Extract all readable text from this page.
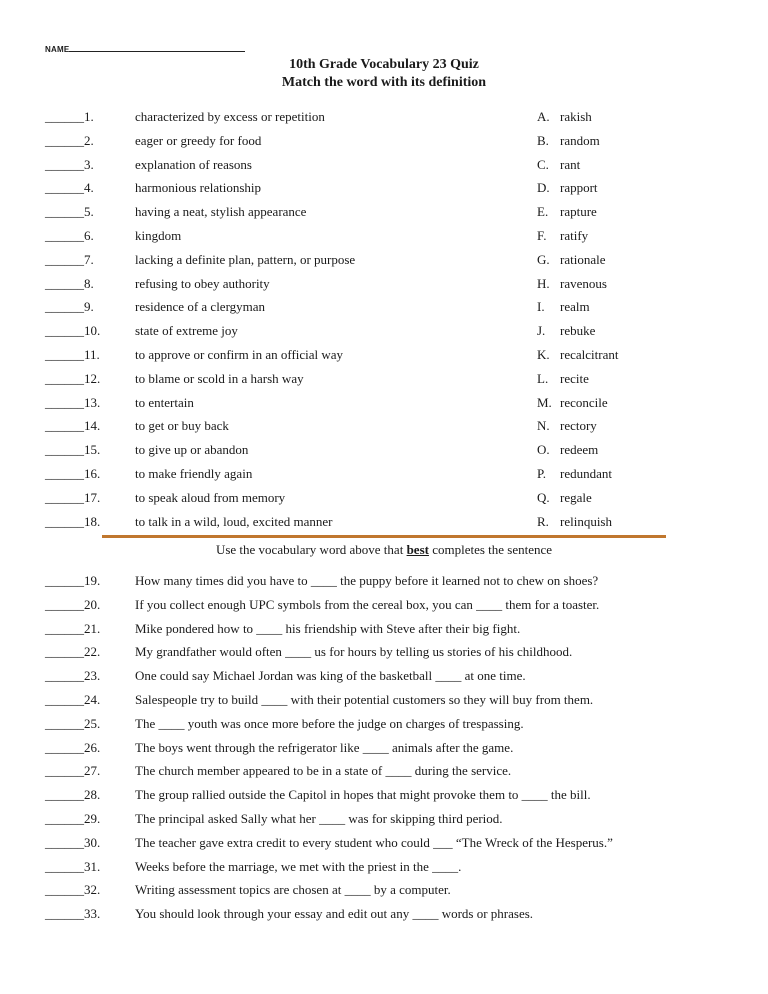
NAME
10th Grade Vocabulary 23 Quiz
Match the word with its definition
______1.	characterized by excess or repetition	A. rakish
______2.	eager or greedy for food	B. random
______3.	explanation of reasons	C. rant
______4.	harmonious relationship	D. rapport
______5.	having a neat, stylish appearance	E. rapture
______6.	kingdom	F. ratify
______7.	lacking a definite plan, pattern, or purpose	G. rationale
______8.	refusing to obey authority	H. ravenous
______9.	residence of a clergyman	I. realm
______10.	state of extreme joy	J. rebuke
______11.	to approve or confirm in an official way	K. recalcitrant
______12.	to blame or scold in a harsh way	L. recite
______13.	to entertain	M. reconcile
______14.	to get or buy back	N. rectory
______15.	to give up or abandon	O. redeem
______16.	to make friendly again	P. redundant
______17.	to speak aloud from memory	Q. regale
______18.	to talk in a wild, loud, excited manner	R. relinquish
Use the vocabulary word above that best completes the sentence
______19.	How many times did you have to ____ the puppy before it learned not to chew on shoes?
______20.	If you collect enough UPC symbols from the cereal box, you can ____ them for a toaster.
______21.	Mike pondered how to ____ his friendship with Steve after their big fight.
______22.	My grandfather would often ____ us for hours by telling us stories of his childhood.
______23.	One could say Michael Jordan was king of the basketball ____ at one time.
______24.	Salespeople try to build ____ with their potential customers so they will buy from them.
______25.	The ____ youth was once more before the judge on charges of trespassing.
______26.	The boys went through the refrigerator like ____ animals after the game.
______27.	The church member appeared to be in a state of ____ during the service.
______28.	The group rallied outside the Capitol in hopes that might provoke them to ____ the bill.
______29.	The principal asked Sally what her ____ was for skipping third period.
______30.	The teacher gave extra credit to every student who could ___ “The Wreck of the Hesperus.”
______31.	Weeks before the marriage, we met with the priest in the ____.
______32.	Writing assessment topics are chosen at ____ by a computer.
______33.	You should look through your essay and edit out any ____ words or phrases.
